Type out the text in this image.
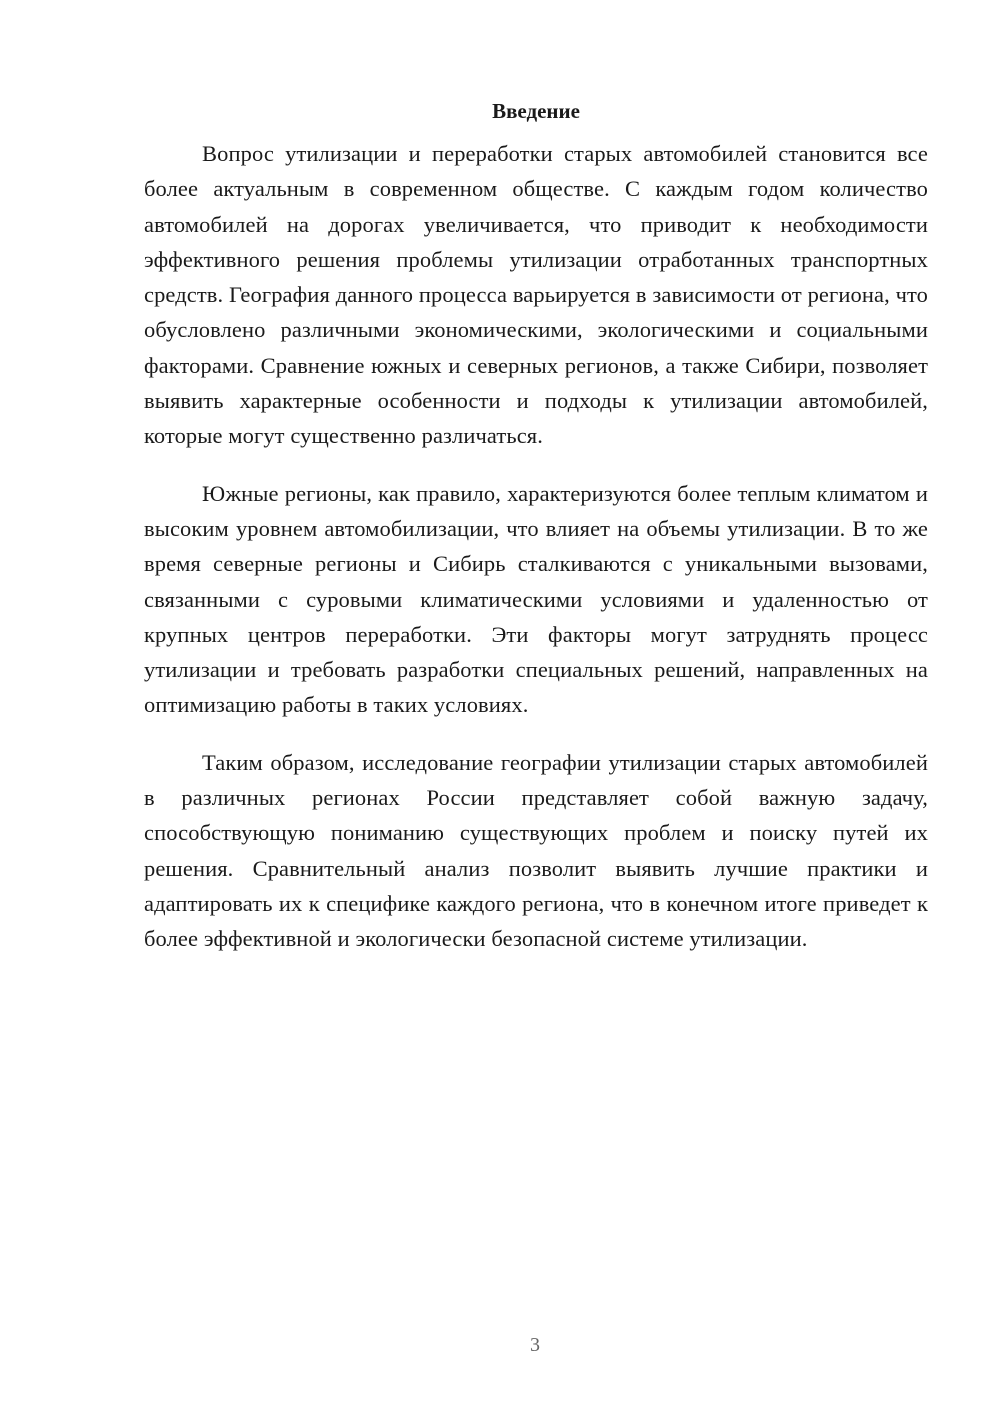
Введение

Вопрос утилизации и переработки старых автомобилей становится все более актуальным в современном обществе. С каждым годом количество автомобилей на дорогах увеличивается, что приводит к необходимости эффективного решения проблемы утилизации отработанных транспортных средств. География данного процесса варьируется в зависимости от региона, что обусловлено различными экономическими, экологическими и социальными факторами. Сравнение южных и северных регионов, а также Сибири, позволяет выявить характерные особенности и подходы к утилизации автомобилей, которые могут существенно различаться.

Южные регионы, как правило, характеризуются более теплым климатом и высоким уровнем автомобилизации, что влияет на объемы утилизации. В то же время северные регионы и Сибирь сталкиваются с уникальными вызовами, связанными с суровыми климатическими условиями и удаленностью от крупных центров переработки. Эти факторы могут затруднять процесс утилизации и требовать разработки специальных решений, направленных на оптимизацию работы в таких условиях.

Таким образом, исследование географии утилизации старых автомобилей в различных регионах России представляет собой важную задачу, способствующую пониманию существующих проблем и поиску путей их решения. Сравнительный анализ позволит выявить лучшие практики и адаптировать их к специфике каждого региона, что в конечном итоге приведет к более эффективной и экологически безопасной системе утилизации.

3
